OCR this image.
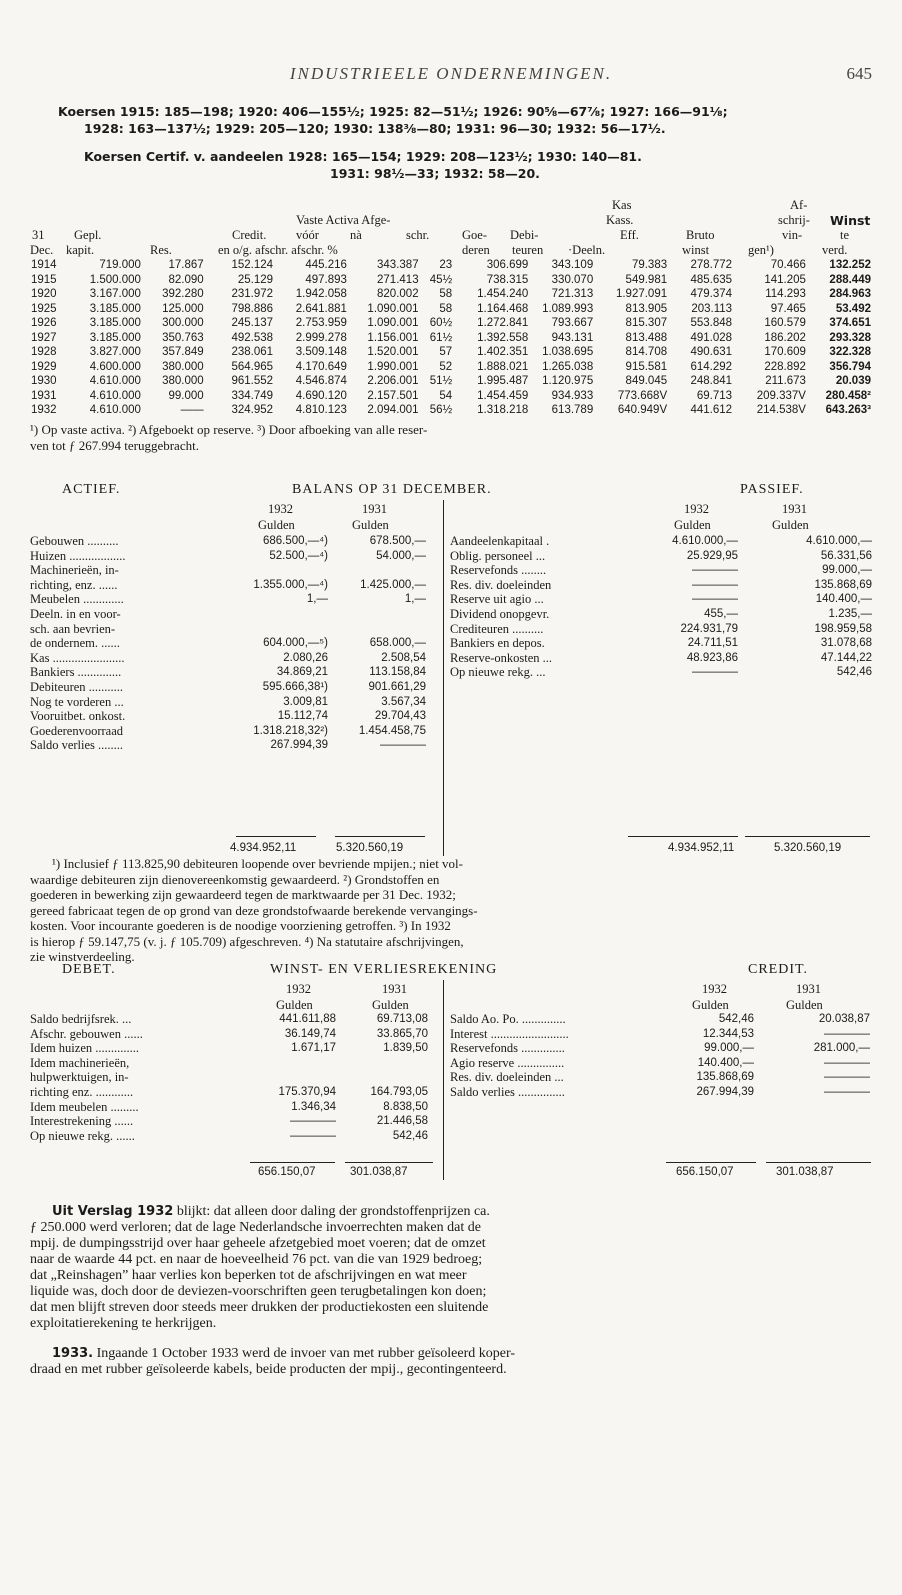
INDUSTRIEELE ONDERNEMINGEN.	645
Koersen 1915: 185—198; 1920: 406—155½; 1925: 82—51½; 1926: 90⅝—67⅞; 1927: 166—91⅛;
1928: 163—137½; 1929: 205—120; 1930: 138⅜—80; 1931: 96—30; 1932: 56—17½.
Koersen Certif. v. aandeelen 1928: 165—154; 1929: 208—123½; 1930: 140—81.
1931: 98½—33; 1932: 58—20.
Kas	Af-
Vaste Activa Afge-	Kass.	schrij- Winst
31 Gepl.	Credit. vóór nà	schr.	Goe- Debi-	Eff.	Bruto	vin-	te
Dec. kapit.	Res.	en o/g. afschr. afschr. %	deren teuren ·Deeln.	winst	gen¹)	verd.
1914	719.000	17.867	152.124	445.216	343.387	23	306.699	343.109	79.383	278.772	70.466	132.252
1915	1.500.000	82.090	25.129	497.893	271.413	45½	738.315	330.070	549.981	485.635	141.205	288.449
1920	3.167.000	392.280	231.972	1.942.058	820.002	58	1.454.240	721.313	1.927.091	479.374	114.293	284.963
1925	3.185.000	125.000	798.886	2.641.881	1.090.001	58	1.164.468	1.089.993	813.905	203.113	97.465	53.492
1926	3.185.000	300.000	245.137	2.753.959	1.090.001	60½	1.272.841	793.667	815.307	553.848	160.579	374.651
1927	3.185.000	350.763	492.538	2.999.278	1.156.001	61½	1.392.558	943.131	813.488	491.028	186.202	293.328
1928	3.827.000	357.849	238.061	3.509.148	1.520.001	57	1.402.351	1.038.695	814.708	490.631	170.609	322.328
1929	4.600.000	380.000	564.965	4.170.649	1.990.001	52	1.888.021	1.265.038	915.581	614.292	228.892	356.794
1930	4.610.000	380.000	961.552	4.546.874	2.206.001	51½	1.995.487	1.120.975	849.045	248.841	211.673	20.039
1931	4.610.000	99.000	334.749	4.690.120	2.157.501	54	1.454.459	934.933	773.668V	69.713	209.337V	280.458²
1932	4.610.000	——	324.952	4.810.123	2.094.001	56½	1.318.218	613.789	640.949V	441.612	214.538V	643.263³
¹) Op vaste activa. ²) Afgeboekt op reserve. ³) Door afboeking van alle reser-
ven tot ƒ 267.994 teruggebracht.
ACTIEF.	BALANS OP 31 DECEMBER.	PASSIEF.
1932	1931
Gulden	Gulden
1932	1931
Gulden	Gulden
Gebouwen ..........	686.500,—⁴)	678.500,—
Huizen ..................	52.500,—⁴)	54.000,—
Machinerieën, in-
richting, enz. ......	1.355.000,—⁴)	1.425.000,—
Meubelen .............	1,—	1,—
Deeln. in en voor-
sch. aan bevrien-
de ondernem. ......	604.000,—⁵)	658.000,—
Kas .......................	2.080,26	2.508,54
Bankiers ..............	34.869,21	113.158,84
Debiteuren ...........	595.666,38¹)	901.661,29
Nog te vorderen ...	3.009,81	3.567,34
Vooruitbet. onkost.	15.112,74	29.704,43
Goederenvoorraad	1.318.218,32²)	1.454.458,75
Saldo verlies ........	267.994,39	————
Aandeelenkapitaal .	4.610.000,—	4.610.000,—
Oblig. personeel ...	25.929,95	56.331,56
Reservefonds ........	————	99.000,—
Res. div. doeleinden	————	135.868,69
Reserve uit agio ...	————	140.400,—
Dividend onopgevr.	455,—	1.235,—
Crediteuren ..........	224.931,79	198.959,58
Bankiers en depos.	24.711,51	31.078,68
Reserve-onkosten ...	48.923,86	47.144,22
Op nieuwe rekg. ...	————	542,46
4.934.952,11	5.320.560,19	4.934.952,11	5.320.560,19
¹) Inclusief ƒ 113.825,90 debiteuren loopende over bevriende mpijen.; niet vol-
waardige debiteuren zijn dienovereenkomstig gewaardeerd. ²) Grondstoffen en
goederen in bewerking zijn gewaardeerd tegen de marktwaarde per 31 Dec. 1932;
gereed fabricaat tegen de op grond van deze grondstofwaarde berekende vervangings-
kosten. Voor incourante goederen is de noodige voorziening getroffen. ³) In 1932
is hierop ƒ 59.147,75 (v. j. ƒ 105.709) afgeschreven. ⁴) Na statutaire afschrijvingen,
zie winstverdeeling.
DEBET.	WINST- EN VERLIESREKENING	CREDIT.
1932	1931
Gulden	Gulden
1932	1931
Gulden	Gulden
Saldo bedrijfsrek. ...	441.611,88	69.713,08
Afschr. gebouwen ......	36.149,74	33.865,70
Idem huizen ..............	1.671,17	1.839,50
Idem machinerieën,
hulpwerktuigen, in-
richting enz. ............	175.370,94	164.793,05
Idem meubelen .........	1.346,34	8.838,50
Interestrekening ......	————	21.446,58
Op nieuwe rekg. ......	————	542,46
Saldo Ao. Po. ..............	542,46	20.038,87
Interest .........................	12.344,53	————
Reservefonds ..............	99.000,—	281.000,—
Agio reserve ...............	140.400,—	————
Res. div. doeleinden ...	135.868,69	————
Saldo verlies ...............	267.994,39	————
656.150,07	301.038,87	656.150,07	301.038,87
Uit Verslag 1932 blijkt: dat alleen door daling der grondstoffenprijzen ca.
ƒ 250.000 werd verloren; dat de lage Nederlandsche invoerrechten maken dat de
mpij. de dumpingsstrijd over haar geheele afzetgebied moet voeren; dat de omzet
naar de waarde 44 pct. en naar de hoeveelheid 76 pct. van die van 1929 bedroeg;
dat „Reinshagen” haar verlies kon beperken tot de afschrijvingen en wat meer
liquide was, doch door de deviezen-voorschriften geen terugbetalingen kon doen;
dat men blijft streven door steeds meer drukken der productiekosten een sluitende
exploitatierekening te herkrijgen.
1933. Ingaande 1 October 1933 werd de invoer van met rubber geïsoleerd koper-
draad en met rubber geïsoleerde kabels, beide producten der mpij., gecontingenteerd.
